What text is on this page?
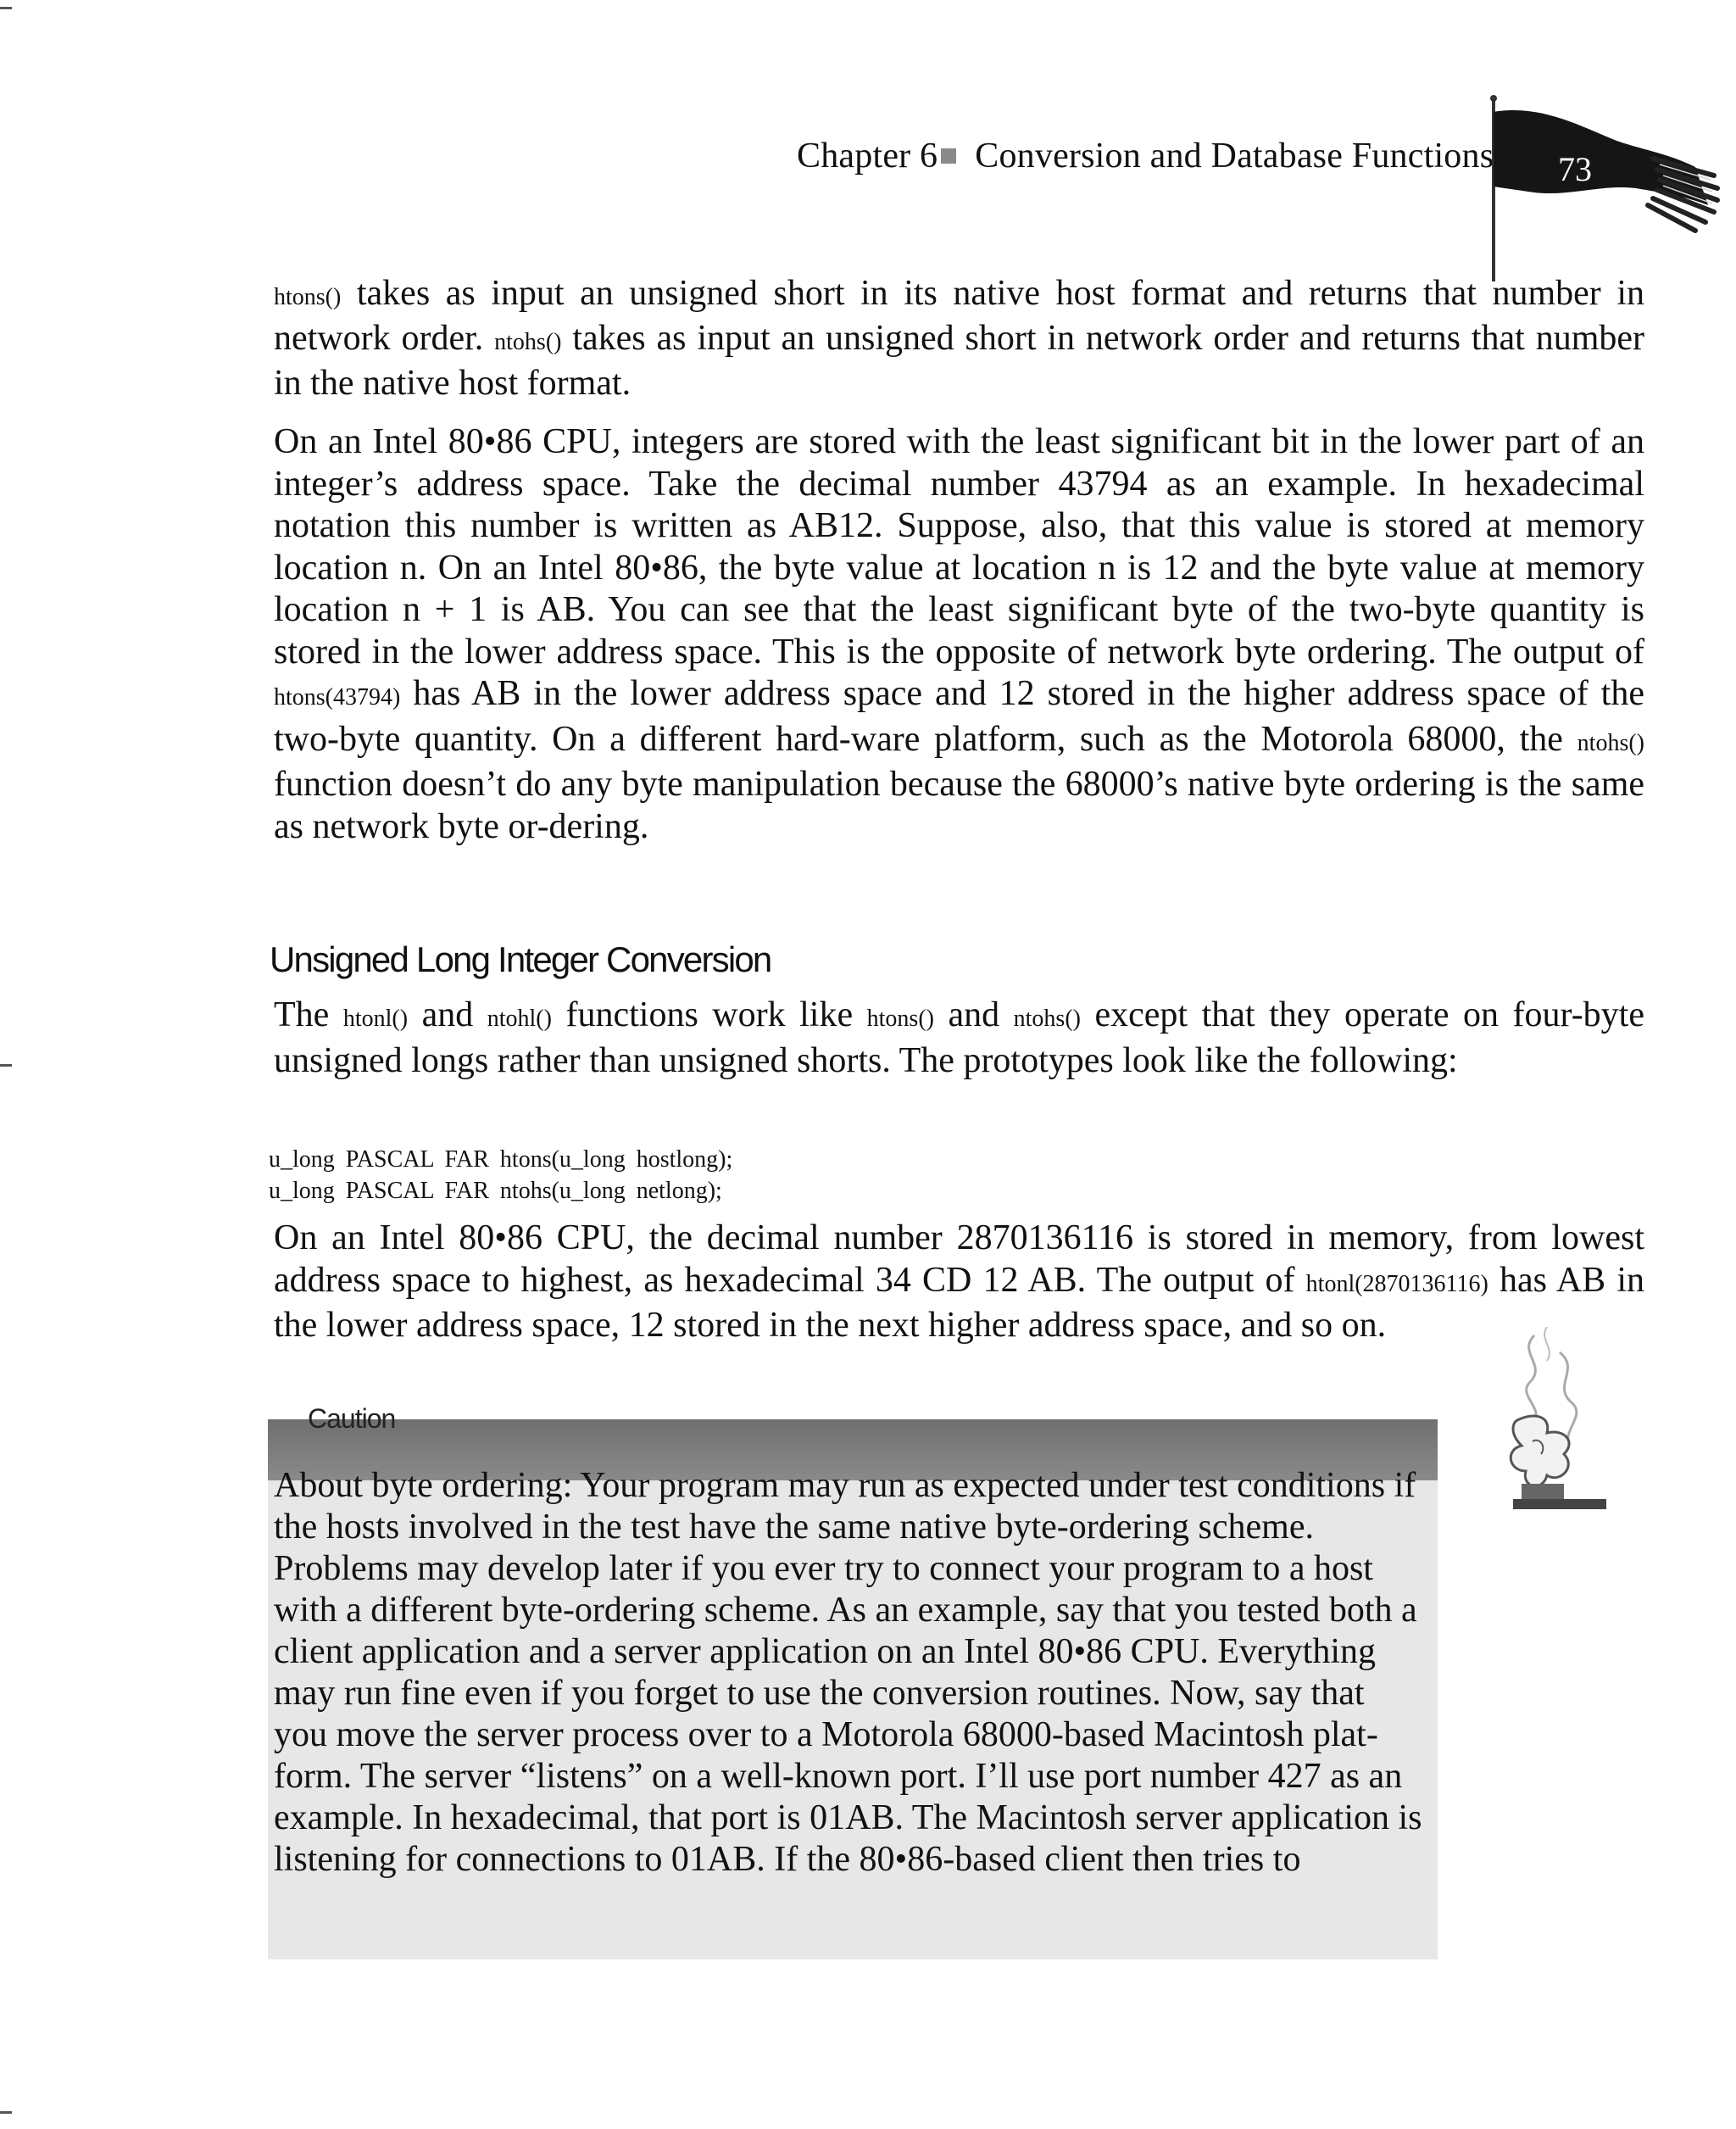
Chapter 6 Conversion and Database Functions 73
htons() takes as input an unsigned short in its native host format and returns that number in network order. ntohs() takes as input an unsigned short in network order and returns that number in the native host format.
On an Intel 80•86 CPU, integers are stored with the least significant bit in the lower part of an integer’s address space. Take the decimal number 43794 as an example. In hexadecimal notation this number is written as AB12. Suppose, also, that this value is stored at memory location n. On an Intel 80•86, the byte value at location n is 12 and the byte value at memory location n + 1 is AB. You can see that the least significant byte of the two-byte quantity is stored in the lower address space. This is the opposite of network byte ordering. The output of htons(43794) has AB in the lower address space and 12 stored in the higher address space of the two-byte quantity. On a different hard-ware platform, such as the Motorola 68000, the ntohs() function doesn’t do any byte manipulation because the 68000’s native byte ordering is the same as network byte or-dering.
Unsigned Long Integer Conversion
The htonl() and ntohl() functions work like htons() and ntohs() except that they operate on four-byte unsigned longs rather than unsigned shorts. The prototypes look like the following:
u_long PASCAL FAR htons(u_long hostlong);
u_long PASCAL FAR ntohs(u_long netlong);
On an Intel 80•86 CPU, the decimal number 2870136116 is stored in memory, from lowest address space to highest, as hexadecimal 34 CD 12 AB. The output of htonl(2870136116) has AB in the lower address space, 12 stored in the next higher address space, and so on.
Caution
About byte ordering: Your program may run as expected under test conditions if
the hosts involved in the test have the same native byte-ordering scheme.
Problems may develop later if you ever try to connect your program to a host
with a different byte-ordering scheme. As an example, say that you tested both a
client application and a server application on an Intel 80•86 CPU. Everything
may run fine even if you forget to use the conversion routines. Now, say that
you move the server process over to a Motorola 68000-based Macintosh plat-
form. The server “listens” on a well-known port. I’ll use port number 427 as an
example. In hexadecimal, that port is 01AB. The Macintosh server application is
listening for connections to 01AB. If the 80•86-based client then tries to
